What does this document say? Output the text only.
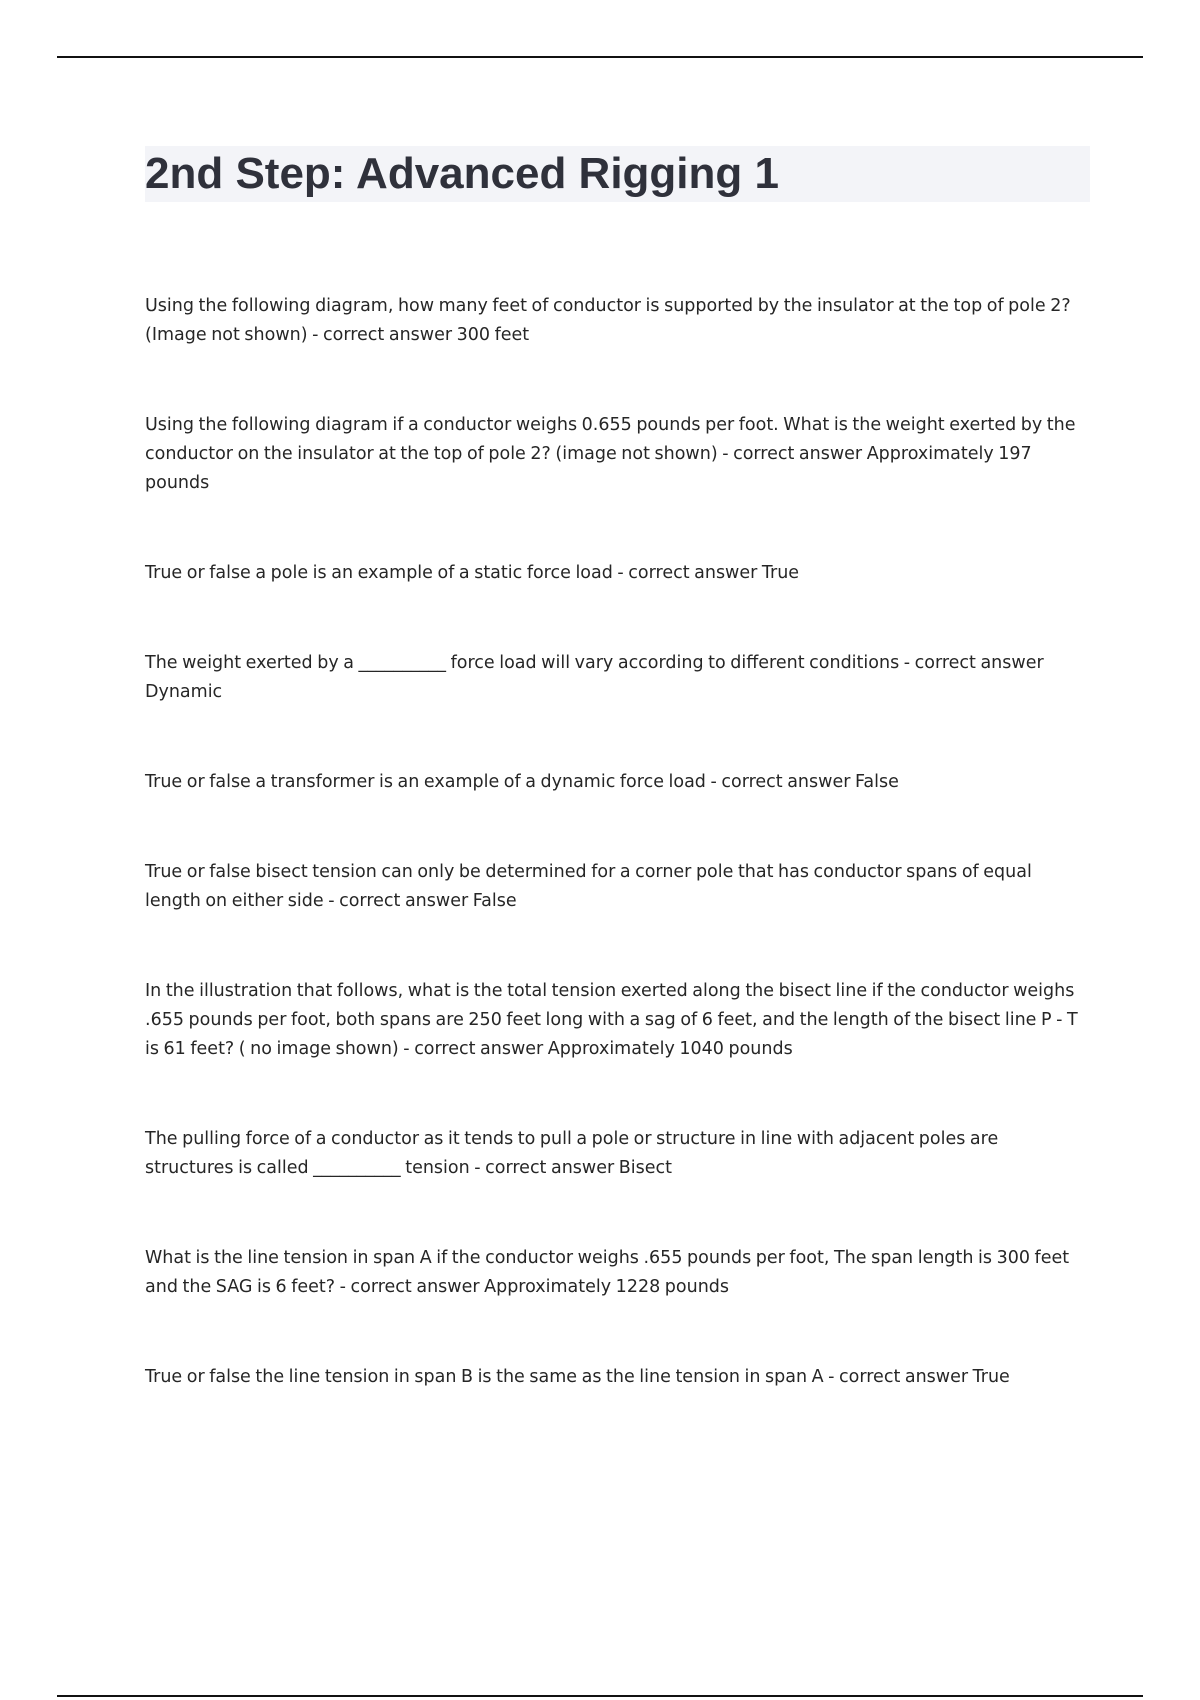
2nd Step: Advanced Rigging 1

Using the following diagram, how many feet of conductor is supported by the insulator at the top of pole 2? (Image not shown) - correct answer 300 feet

Using the following diagram if a conductor weighs 0.655 pounds per foot. What is the weight exerted by the conductor on the insulator at the top of pole 2? (image not shown) - correct answer Approximately 197 pounds

True or false a pole is an example of a static force load - correct answer True

The weight exerted by a __________ force load will vary according to different conditions - correct answer Dynamic

True or false a transformer is an example of a dynamic force load - correct answer False

True or false bisect tension can only be determined for a corner pole that has conductor spans of equal length on either side - correct answer False

In the illustration that follows, what is the total tension exerted along the bisect line if the conductor weighs .655 pounds per foot, both spans are 250 feet long with a sag of 6 feet, and the length of the bisect line P - T is 61 feet? ( no image shown) - correct answer Approximately 1040 pounds

The pulling force of a conductor as it tends to pull a pole or structure in line with adjacent poles are structures is called __________ tension - correct answer Bisect

What is the line tension in span A if the conductor weighs .655 pounds per foot, The span length is 300 feet and the SAG is 6 feet? - correct answer Approximately 1228 pounds

True or false the line tension in span B is the same as the line tension in span A - correct answer True
